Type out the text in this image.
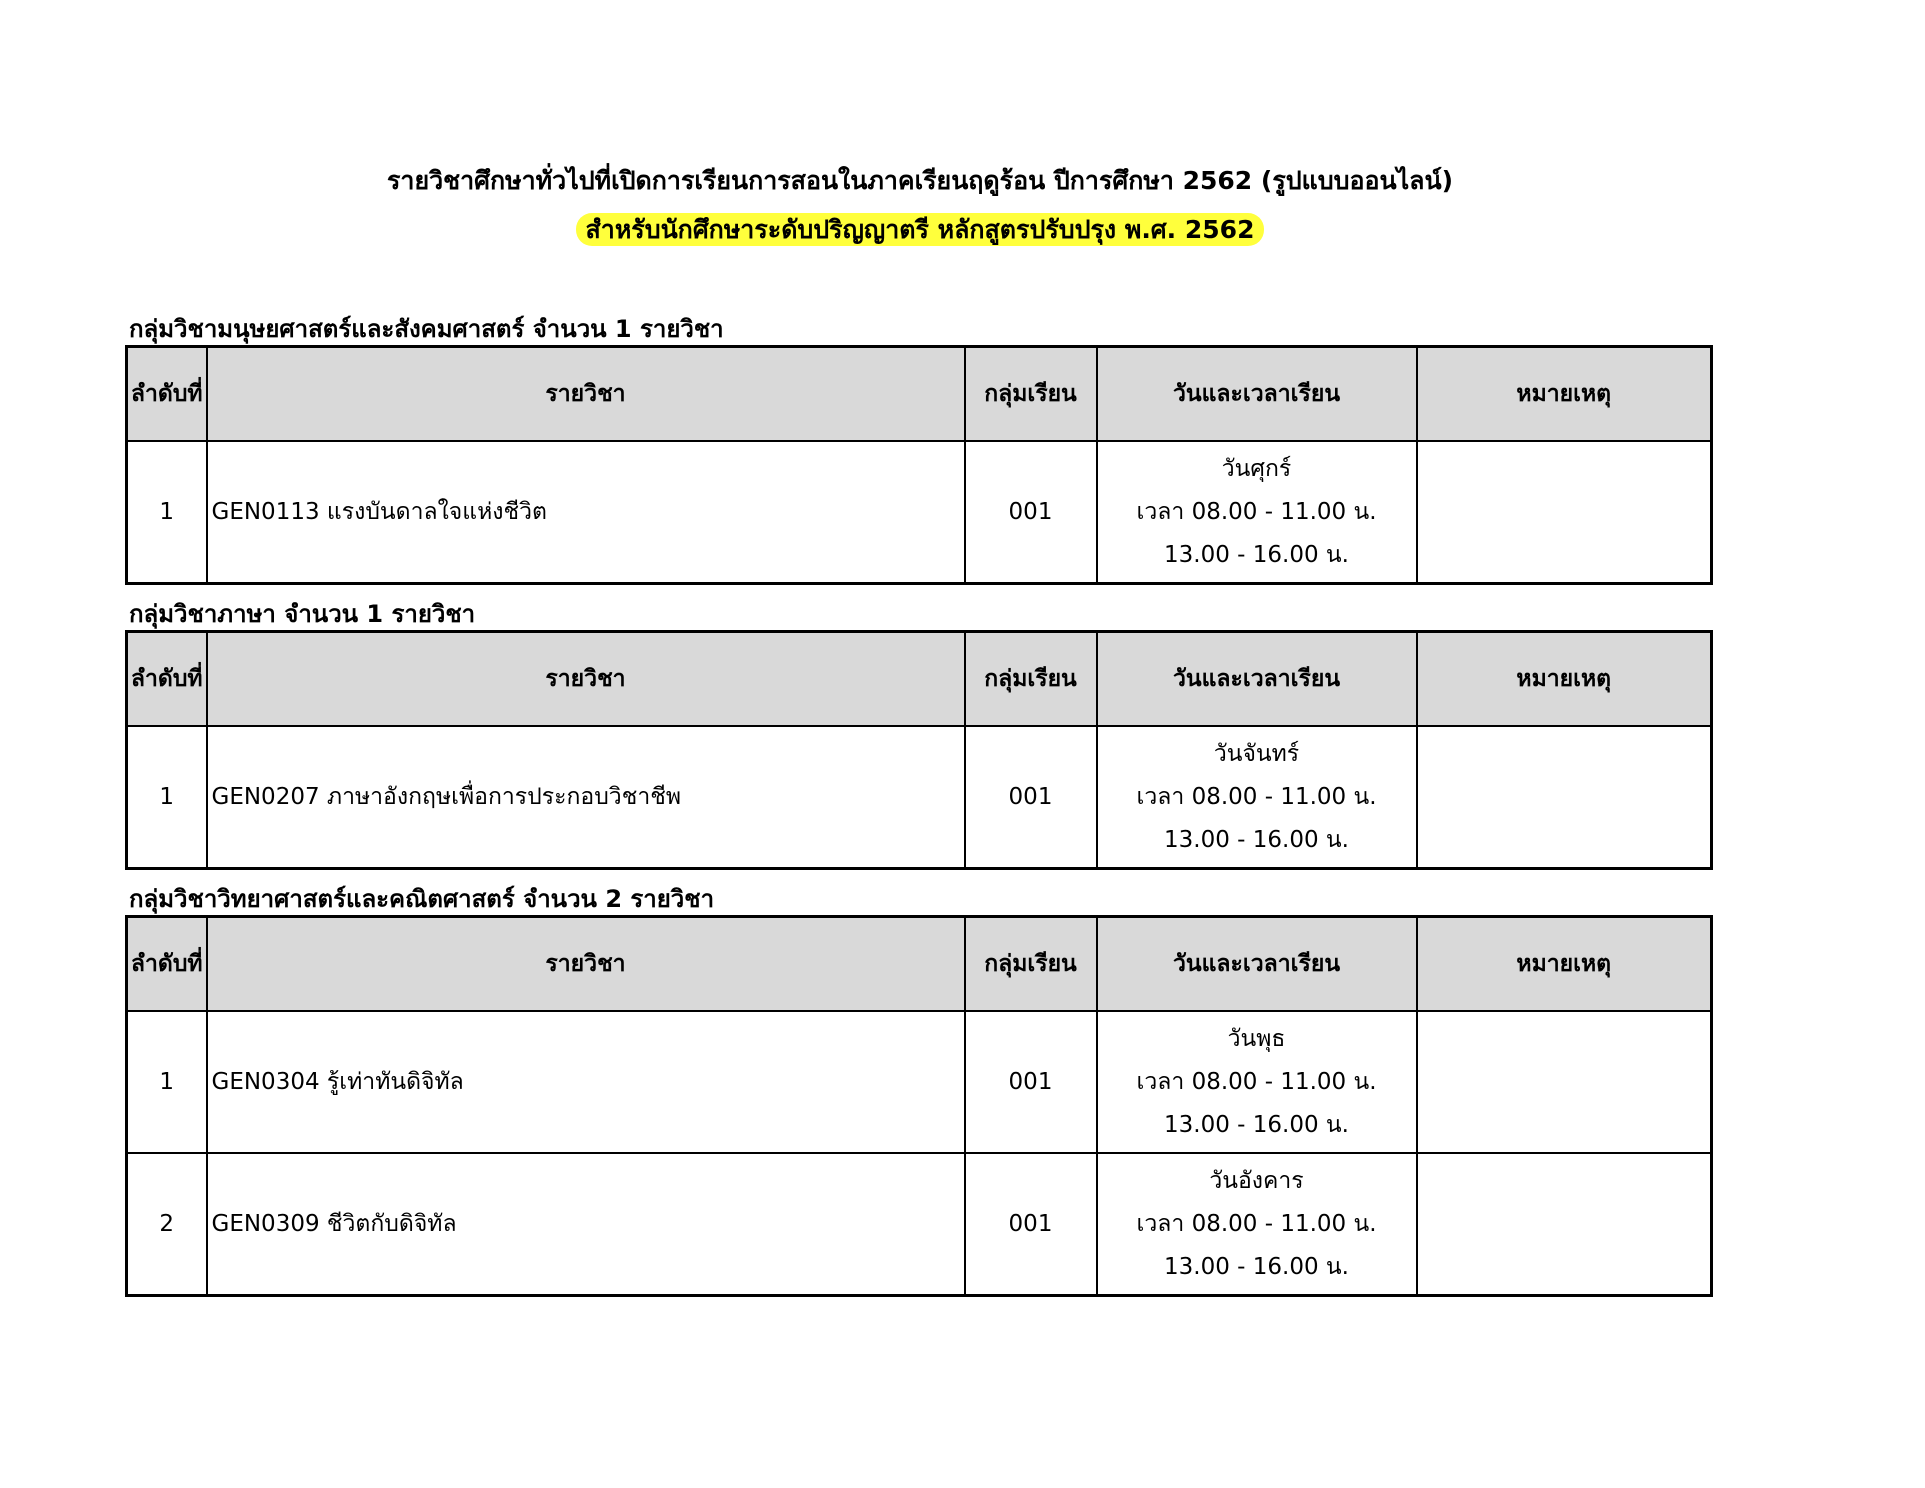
รายวิชาศึกษาทั่วไปที่เปิดการเรียนการสอนในภาคเรียนฤดูร้อน ปีการศึกษา 2562 (รูปแบบออนไลน์)
สำหรับนักศึกษาระดับปริญญาตรี หลักสูตรปรับปรุง พ.ศ. 2562
กลุ่มวิชามนุษยศาสตร์และสังคมศาสตร์ จำนวน 1 รายวิชา
ลำดับที่	รายวิชา	กลุ่มเรียน	วันและเวลาเรียน	หมายเหตุ
1	GEN0113 แรงบันดาลใจแห่งชีวิต	001	วันศุกร์
เวลา 08.00 - 11.00 น.
13.00 - 16.00 น.	

กลุ่มวิชาภาษา จำนวน 1 รายวิชา
ลำดับที่	รายวิชา	กลุ่มเรียน	วันและเวลาเรียน	หมายเหตุ
1	GEN0207 ภาษาอังกฤษเพื่อการประกอบวิชาชีพ	001	วันจันทร์
เวลา 08.00 - 11.00 น.
13.00 - 16.00 น.	

กลุ่มวิชาวิทยาศาสตร์และคณิตศาสตร์ จำนวน 2 รายวิชา
ลำดับที่	รายวิชา	กลุ่มเรียน	วันและเวลาเรียน	หมายเหตุ
1	GEN0304 รู้เท่าทันดิจิทัล	001	วันพุธ
เวลา 08.00 - 11.00 น.
13.00 - 16.00 น.	

2	GEN0309 ชีวิตกับดิจิทัล	001	วันอังคาร
เวลา 08.00 - 11.00 น.
13.00 - 16.00 น.	
